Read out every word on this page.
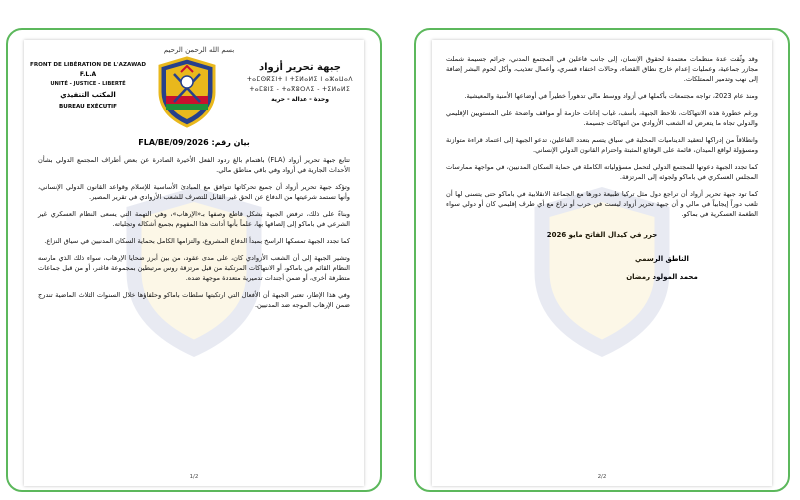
بسم الله الرحمن الرحيم
FRONT DE LIBÉRATION DE L'AZAWAD
F.L.A
UNITÉ - JUSTICE - LIBERTÉ
المكتب التنفيذي
BUREAU EXÉCUTIF
جبهة تحرير أزواد
ⵜⴰⵎⵙⴽⵉⵏⵜ ⵏ ⵜⵉⵍⴰⵍⵉ ⵏ ⴰⵣⴰⵡⴰⴷ
ⵜⴰⵎⵓⵏⵉ - ⵜⴰⴳⵓⵔⴷⵉ - ⵜⵉⵍⴰⵍⵉ
وحدة - عدالة - حرية
بيان رقم: 2026/FLA/BE/09

تتابع جبهة تحرير أزواد (FLA) باهتمام بالغ ردود الفعل الأخيرة الصادرة عن بعض أطراف المجتمع الدولي بشأن الأحداث الجارية في أزواد وفي باقي مناطق مالي.

وتؤكد جبهة تحرير أزواد أن جميع تحركاتها تتوافق مع المبادئ الأساسية للإسلام وقواعد القانون الدولي الإنساني، وأنها تستمد شرعيتها من الدفاع عن الحق غير القابل للتصرف للشعب الأزوادي في تقرير المصير.

وبناءً على ذلك، ترفض الجبهة بشكل قاطع وصفها بـ«الإرهاب»، وهي التهمة التي يسعى النظام العسكري غير الشرعي في باماكو إلى إلصاقها بها، علماً بأنها أدانت هذا المفهوم بجميع أشكاله وتجلياته.

كما تجدد الجبهة تمسكها الراسخ بمبدأ الدفاع المشروع، والتزامها الكامل بحماية السكان المدنيين في سياق النزاع.

وتشير الجبهة إلى أن الشعب الأزوادي كان، على مدى عقود، من بين أبرز ضحايا الإرهاب، سواء ذلك الذي مارسه النظام القائم في باماكو، أو الانتهاكات المرتكبة من قبل مرتزقة روس مرتبطين بمجموعة فاغنر، أو من قبل جماعات متطرفة أخرى، أو ضمن أجندات تدميرية متعددة موجهة ضده.

وفي هذا الإطار، تعتبر الجبهة أن الأفعال التي ارتكبتها سلطات باماكو وحلفاؤها خلال السنوات الثلاث الماضية تندرج ضمن الإرهاب الموجه ضد المدنيين.

1/2

وقد وثّقت عدة منظمات معتمدة لحقوق الإنسان، إلى جانب فاعلين في المجتمع المدني، جرائم جسيمة شملت مجازر جماعية، وعمليات إعدام خارج نطاق القضاء، وحالات اختفاء قسري، وأعمال تعذيب، وأكل لحوم البشر إضافة إلى نهب وتدمير الممتلكات.

ومنذ عام 2023، تواجه مجتمعات بأكملها في أزواد ووسط مالي تدهوراً خطيراً في أوضاعها الأمنية والمعيشية.

ورغم خطورة هذه الانتهاكات، تلاحظ الجبهة، بأسف، غياب إدانات حازمة أو مواقف واضحة على المستويين الإقليمي والدولي تجاه ما يتعرض له الشعب الأزوادي من انتهاكات جسيمة.

وانطلاقاً من إدراكها لتعقيد الديناميات المحلية في سياق يتسم بتعدد الفاعلين، تدعو الجبهة إلى اعتماد قراءة متوازنة ومسؤولة لواقع الميدان، قائمة على الوقائع المثبتة واحترام القانون الدولي الإنساني.

كما تجدد الجبهة دعوتها للمجتمع الدولي لتحمل مسؤولياته الكاملة في حماية السكان المدنيين، في مواجهة ممارسات المجلس العسكري في باماكو ولجوئه إلى المرتزقة.

كما تود جبهة تحرير أزواد أن تراجع دول مثل تركيا طبيعة دورها مع الجماعة الانقلابية في باماكو حتى يتسنى لها أن تلعب دوراً إيجابياً في مالي و أن جبهة تحرير أزواد ليست في حرب أو نزاع مع أي طرف إقليمي كان أو دولي سواء الطغمة العسكرية في بماكو.

حرر في كيدال الفاتح مايو 2026
الناطق الرسمي
محمد المولود رمضان
2/2
